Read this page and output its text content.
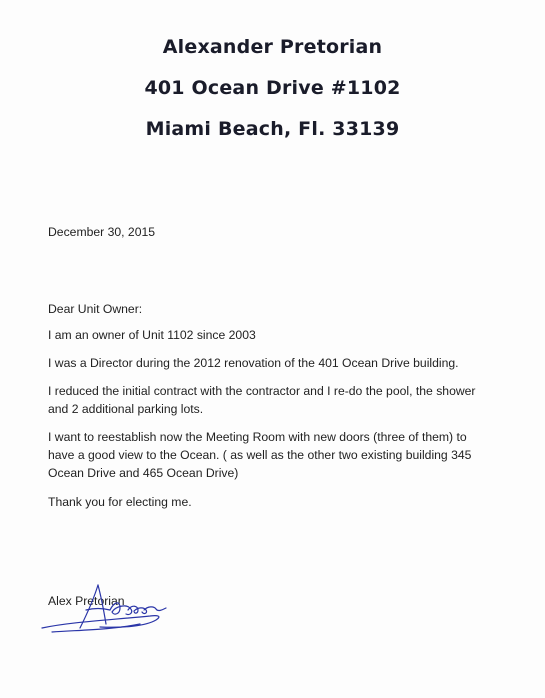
Alexander Pretorian
401 Ocean Drive #1102
Miami Beach, Fl. 33139
December 30, 2015
Dear Unit Owner:
I am an owner of Unit 1102 since 2003
I was a Director during the 2012 renovation of the 401 Ocean Drive building.
I reduced the initial contract with the contractor and I re-do the pool, the shower
and 2 additional parking lots.
I want to reestablish now the Meeting Room with new doors (three of them) to
have a good view to the Ocean. ( as well as the other two existing building 345
Ocean Drive and 465 Ocean Drive)
Thank you for electing me.
Alex Pretorian
